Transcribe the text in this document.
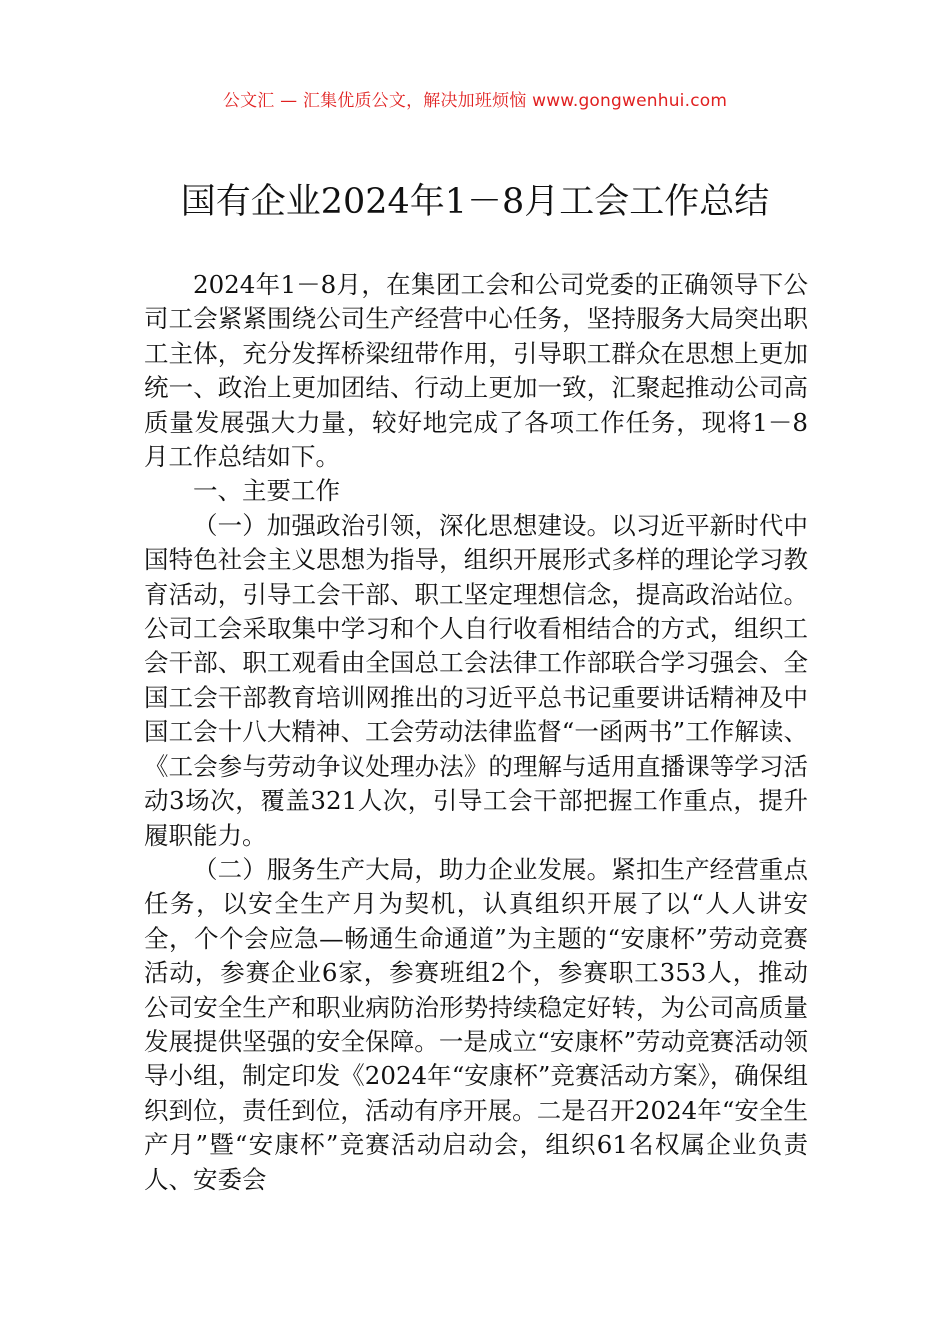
公文汇 — 汇集优质公文，解决加班烦恼 www.gongwenhui.com
国有企业2024年1－8月工会工作总结

2024年1－8月，在集团工会和公司党委的正确领导下公司工会紧紧围绕公司生产经营中心任务，坚持服务大局突出职工主体，充分发挥桥梁纽带作用，引导职工群众在思想上更加统一、政治上更加团结、行动上更加一致，汇聚起推动公司高质量发展强大力量，较好地完成了各项工作任务，现将1－8月工作总结如下。

一、主要工作

（一）加强政治引领，深化思想建设。以习近平新时代中国特色社会主义思想为指导，组织开展形式多样的理论学习教育活动，引导工会干部、职工坚定理想信念，提高政治站位。公司工会采取集中学习和个人自行收看相结合的方式，组织工会干部、职工观看由全国总工会法律工作部联合学习强会、全国工会干部教育培训网推出的习近平总书记重要讲话精神及中国工会十八大精神、工会劳动法律监督“一函两书”工作解读、《工会参与劳动争议处理办法》的理解与适用直播课等学习活动3场次，覆盖321人次，引导工会干部把握工作重点，提升履职能力。

（二）服务生产大局，助力企业发展。紧扣生产经营重点任务，以安全生产月为契机，认真组织开展了以“人人讲安全，个个会应急—畅通生命通道”为主题的“安康杯”劳动竞赛活动，参赛企业6家，参赛班组2个，参赛职工353人，推动公司安全生产和职业病防治形势持续稳定好转，为公司高质量发展提供坚强的安全保障。一是成立“安康杯”劳动竞赛活动领导小组，制定印发《2024年“安康杯”竞赛活动方案》，确保组织到位，责任到位，活动有序开展。二是召开2024年“安全生产月”暨“安康杯”竞赛活动启动会，组织61名权属企业负责人、安委会
